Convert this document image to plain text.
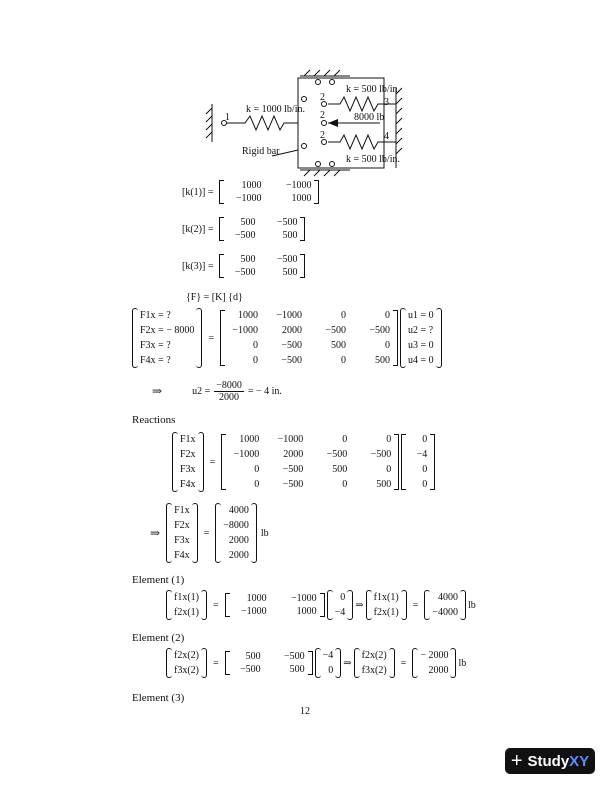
k = 1000 lb/in.
k = 500 lb/in.
k = 500 lb/in.
8000 lb
Rigid bar
1
2
2
2
3
4
[k(1)] =
1000	−1000
−1000	1000
[k(2)] =
500	−500
−500	500
[k(3)] =
500	−500
−500	500
{F} = [K] {d}
F1x = ?
F2x = − 8000
F3x = ?
F4x = ?
=
1000	−1000	0	0
−1000	2000	−500	−500
0	−500	500	0
0	−500	0	500
u1 = 0
u2 = ?
u3 = 0
u4 = 0
⇒	$u2 = \frac{-8000}{2000}$ = − 4 in.
Reactions
F1x
F2x
F3x
F4x
=
1000	−1000	0	0
−1000	2000	−500	−500
0	−500	500	0
0	−500	0	500
0
−4
0
0
⇒
F1x
F2x
F3x
F4x
=
4000
−8000
2000
2000
lb
Element (1)
f1x(1)
f2x(1)
=
1000	−1000
−1000	1000
0
−4
⇒
f1x(1)
f2x(1)
=
4000
−4000
lb
Element (2)
f2x(2)
f3x(2)
=
500	−500
−500	500
−4
0
⇒
f2x(2)
f3x(2)
=
− 2000
2000
lb
Element (3)
12
+ StudyXY
